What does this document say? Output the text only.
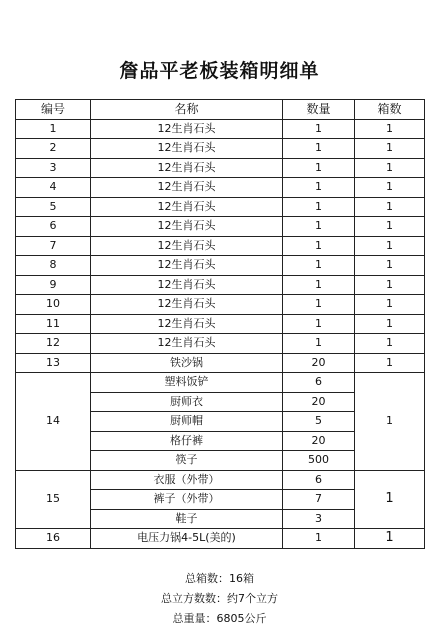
詹品平老板装箱明细单
编号	名称	数量	箱数
1	12生肖石头	1	1
2	12生肖石头	1	1
3	12生肖石头	1	1
4	12生肖石头	1	1
5	12生肖石头	1	1
6	12生肖石头	1	1
7	12生肖石头	1	1
8	12生肖石头	1	1
9	12生肖石头	1	1
10	12生肖石头	1	1
11	12生肖石头	1	1
12	12生肖石头	1	1
13	铁沙锅	20	1
14	塑料饭铲	6	1
	厨师衣	20	
	厨师帽	5	
	格仔裤	20	
	筷子	500	
15	衣服（外带）	6	1
	裤子（外带）	7	
	鞋子	3	
16	电压力锅4-5L(美的)	1	1
总箱数：16箱
总立方数数：约7个立方
总重量：6805公斤
